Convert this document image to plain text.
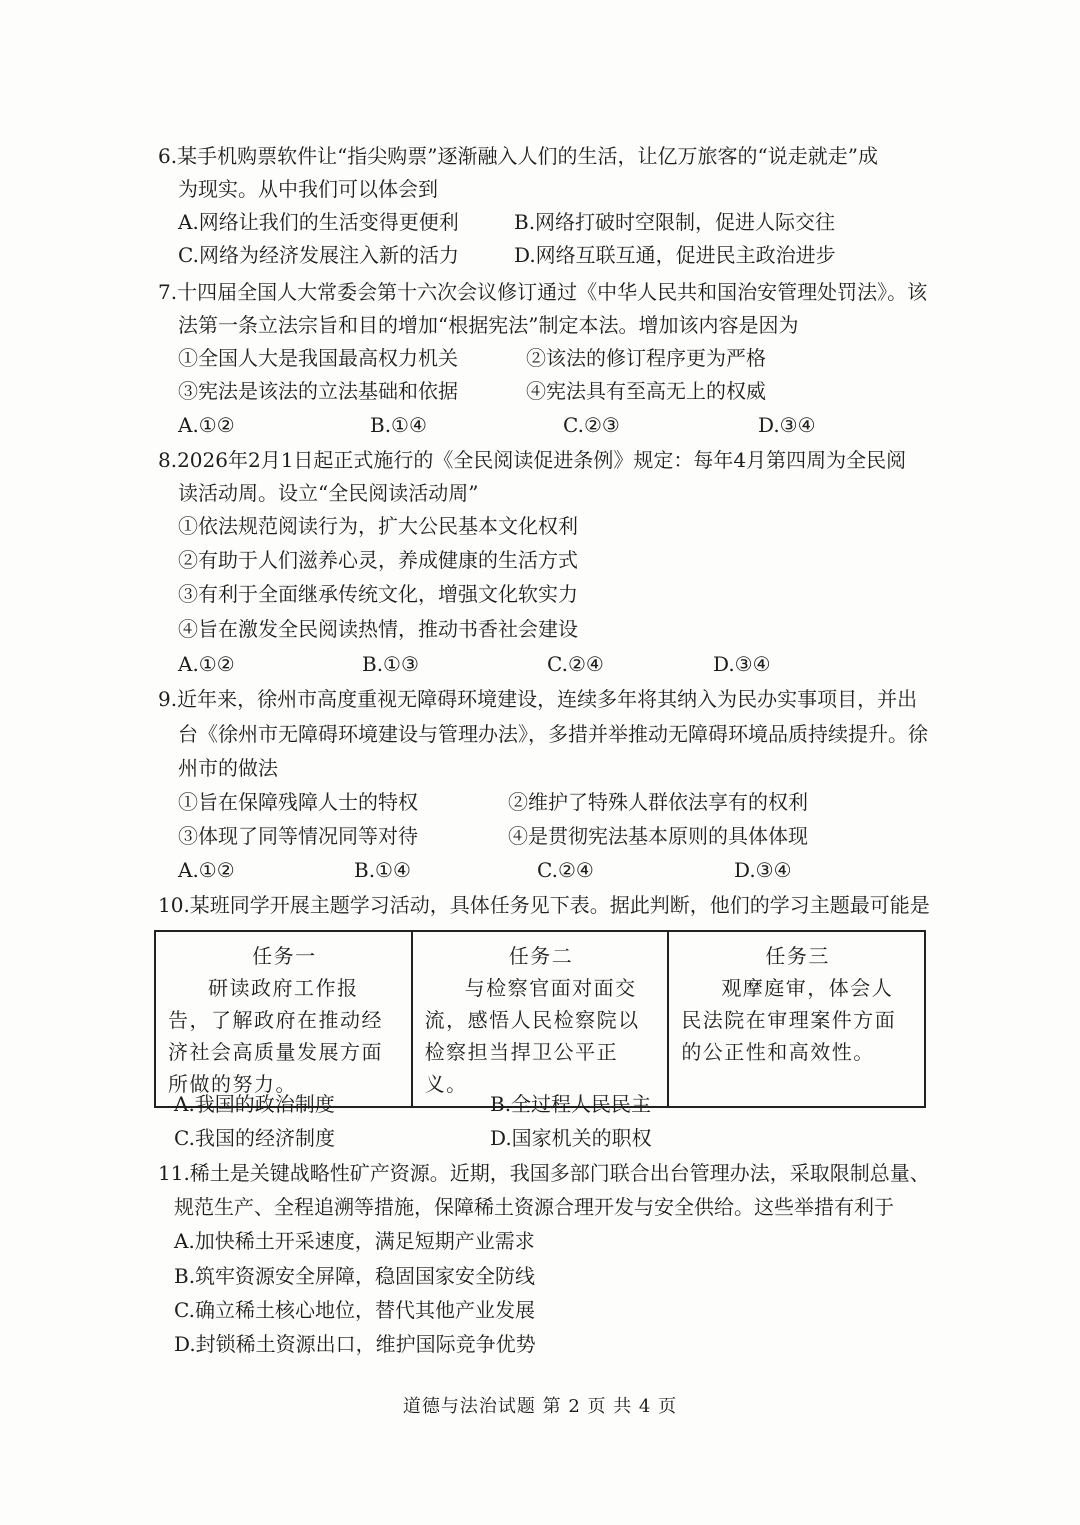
6.某手机购票软件让“指尖购票”逐渐融入人们的生活，让亿万旅客的“说走就走”成
为现实。从中我们可以体会到
A.网络让我们的生活变得更便利	B.网络打破时空限制，促进人际交往
C.网络为经济发展注入新的活力	D.网络互联互通，促进民主政治进步
7.十四届全国人大常委会第十六次会议修订通过《中华人民共和国治安管理处罚法》。该
法第一条立法宗旨和目的增加“根据宪法”制定本法。增加该内容是因为
①全国人大是我国最高权力机关	②该法的修订程序更为严格
③宪法是该法的立法基础和依据	④宪法具有至高无上的权威
A.①②	B.①④	C.②③	D.③④
8.2026年2月1日起正式施行的《全民阅读促进条例》规定：每年4月第四周为全民阅
读活动周。设立“全民阅读活动周”
①依法规范阅读行为，扩大公民基本文化权利
②有助于人们滋养心灵，养成健康的生活方式
③有利于全面继承传统文化，增强文化软实力
④旨在激发全民阅读热情，推动书香社会建设
A.①②	B.①③	C.②④	D.③④
9.近年来，徐州市高度重视无障碍环境建设，连续多年将其纳入为民办实事项目，并出
台《徐州市无障碍环境建设与管理办法》，多措并举推动无障碍环境品质持续提升。徐
州市的做法
①旨在保障残障人士的特权	②维护了特殊人群依法享有的权利
③体现了同等情况同等对待	④是贯彻宪法基本原则的具体体现
A.①②	B.①④	C.②④	D.③④
10.某班同学开展主题学习活动，具体任务见下表。据此判断，他们的学习主题最可能是
任务一
研读政府工作报告，了解政府在推动经济社会高质量发展方面所做的努力。

任务二
与检察官面对面交流，感悟人民检察院以检察担当捍卫公平正义。

任务三
观摩庭审，体会人民法院在审理案件方面的公正性和高效性。
A.我国的政治制度	B.全过程人民民主
C.我国的经济制度	D.国家机关的职权
11.稀土是关键战略性矿产资源。近期，我国多部门联合出台管理办法，采取限制总量、
规范生产、全程追溯等措施，保障稀土资源合理开发与安全供给。这些举措有利于
A.加快稀土开采速度，满足短期产业需求
B.筑牢资源安全屏障，稳固国家安全防线
C.确立稀土核心地位，替代其他产业发展
D.封锁稀土资源出口，维护国际竞争优势
道德与法治试题 第 2 页 共 4 页
